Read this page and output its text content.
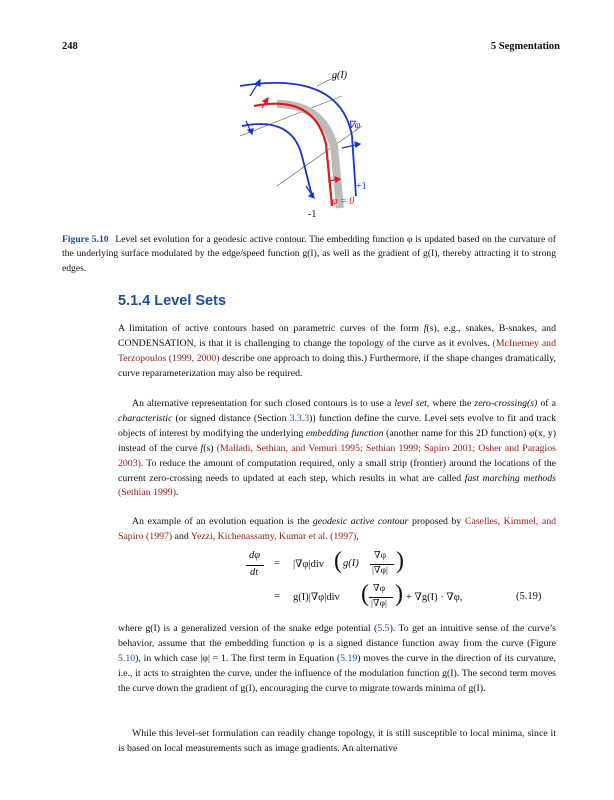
248	5 Segmentation
g(I)
∇φ
+1
φ = 0
-1
Figure 5.10 Level set evolution for a geodesic active contour. The embedding function φ is updated based on the curvature of the underlying surface modulated by the edge/speed function g(I), as well as the gradient of g(I), thereby attracting it to strong edges.
5.1.4 Level Sets

A limitation of active contours based on parametric curves of the form f(s), e.g., snakes, B-snakes, and CONDENSATION, is that it is challenging to change the topology of the curve as it evolves. (McInerney and Terzopoulos (1999, 2000) describe one approach to doing this.) Furthermore, if the shape changes dramatically, curve reparameterization may also be required.

An alternative representation for such closed contours is to use a level set, where the zero-crossing(s) of a characteristic (or signed distance (Section 3.3.3)) function define the curve. Level sets evolve to fit and track objects of interest by modifying the underlying embedding function (another name for this 2D function) φ(x, y) instead of the curve f(s) (Malladi, Sethian, and Vemuri 1995; Sethian 1999; Sapiro 2001; Osher and Paragios 2003). To reduce the amount of computation required, only a small strip (frontier) around the locations of the current zero-crossing needs to updated at each step, which results in what are called fast marching methods (Sethian 1999).

An example of an evolution equation is the geodesic active contour proposed by Caselles, Kimmel, and Sapiro (1997) and Yezzi, Kichenassamy, Kumar et al. (1997),

dφ
dt
= |∇φ|div ( g(I)
∇φ
|∇φ| )
= g(I)|∇φ|div ( ∇φ
|∇φ| ) + ∇g(I) · ∇φ,	(5.19)

where g(I) is a generalized version of the snake edge potential (5.5). To get an intuitive sense of the curve’s behavior, assume that the embedding function φ is a signed distance function away from the curve (Figure 5.10), in which case |φ| = 1. The first term in Equation (5.19) moves the curve in the direction of its curvature, i.e., it acts to straighten the curve, under the influence of the modulation function g(I). The second term moves the curve down the gradient of g(I), encouraging the curve to migrate towards minima of g(I).

While this level-set formulation can readily change topology, it is still susceptible to local minima, since it is based on local measurements such as image gradients. An alternative
